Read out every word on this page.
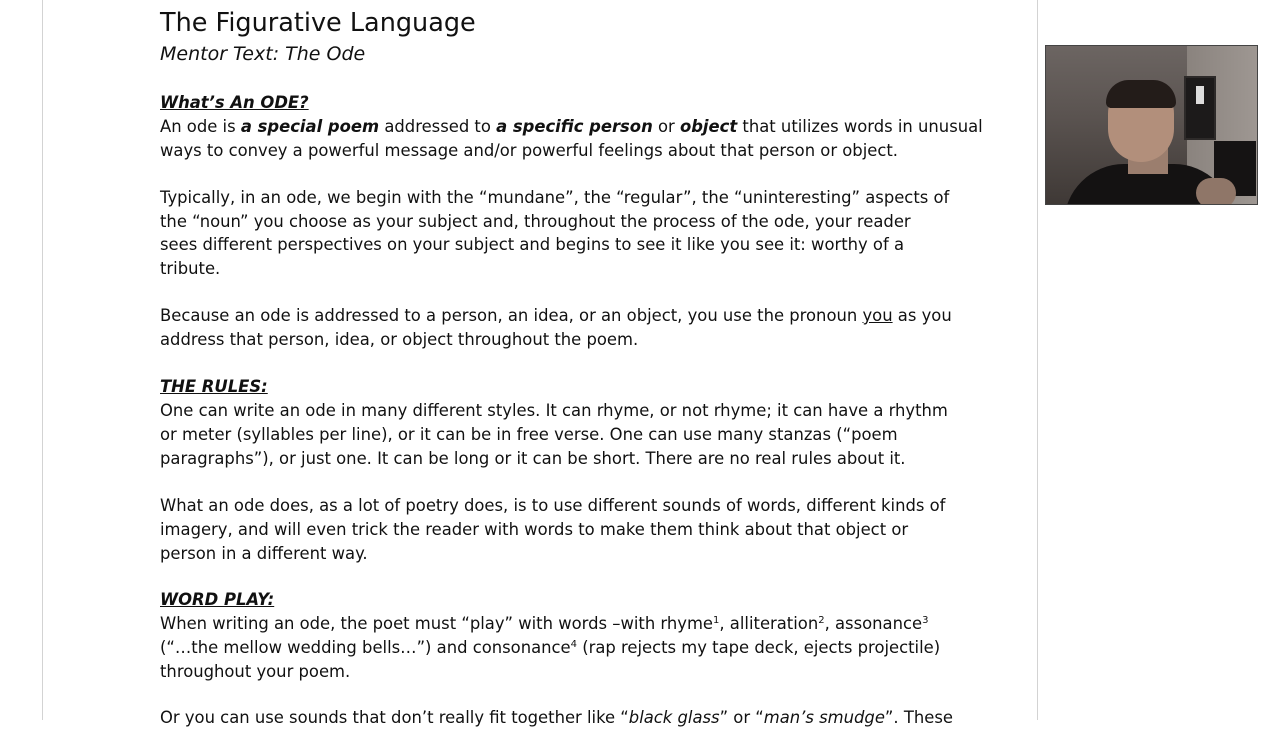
The Figurative Language
Mentor Text: The Ode

What’s An ODE?

An ode is a special poem addressed to a specific person or object that utilizes words in unusual

ways to convey a powerful message and/or powerful feelings about that person or object.

Typically, in an ode, we begin with the “mundane”, the “regular”, the “uninteresting” aspects of

the “noun” you choose as your subject and, throughout the process of the ode, your reader

sees different perspectives on your subject and begins to see it like you see it: worthy of a

tribute.

Because an ode is addressed to a person, an idea, or an object, you use the pronoun you as you

address that person, idea, or object throughout the poem.

THE RULES:

One can write an ode in many different styles. It can rhyme, or not rhyme; it can have a rhythm

or meter (syllables per line), or it can be in free verse. One can use many stanzas (“poem

paragraphs”), or just one. It can be long or it can be short. There are no real rules about it.

What an ode does, as a lot of poetry does, is to use different sounds of words, different kinds of

imagery, and will even trick the reader with words to make them think about that object or

person in a different way.

WORD PLAY:

When writing an ode, the poet must “play” with words –with rhyme$^1$, alliteration$^2$, assonance$^3$

(“…the mellow wedding bells…”) and consonance$^4$ (rap rejects my tape deck, ejects projectile)

throughout your poem.

Or you can use sounds that don’t really fit together like “black glass” or “man’s smudge”. These
